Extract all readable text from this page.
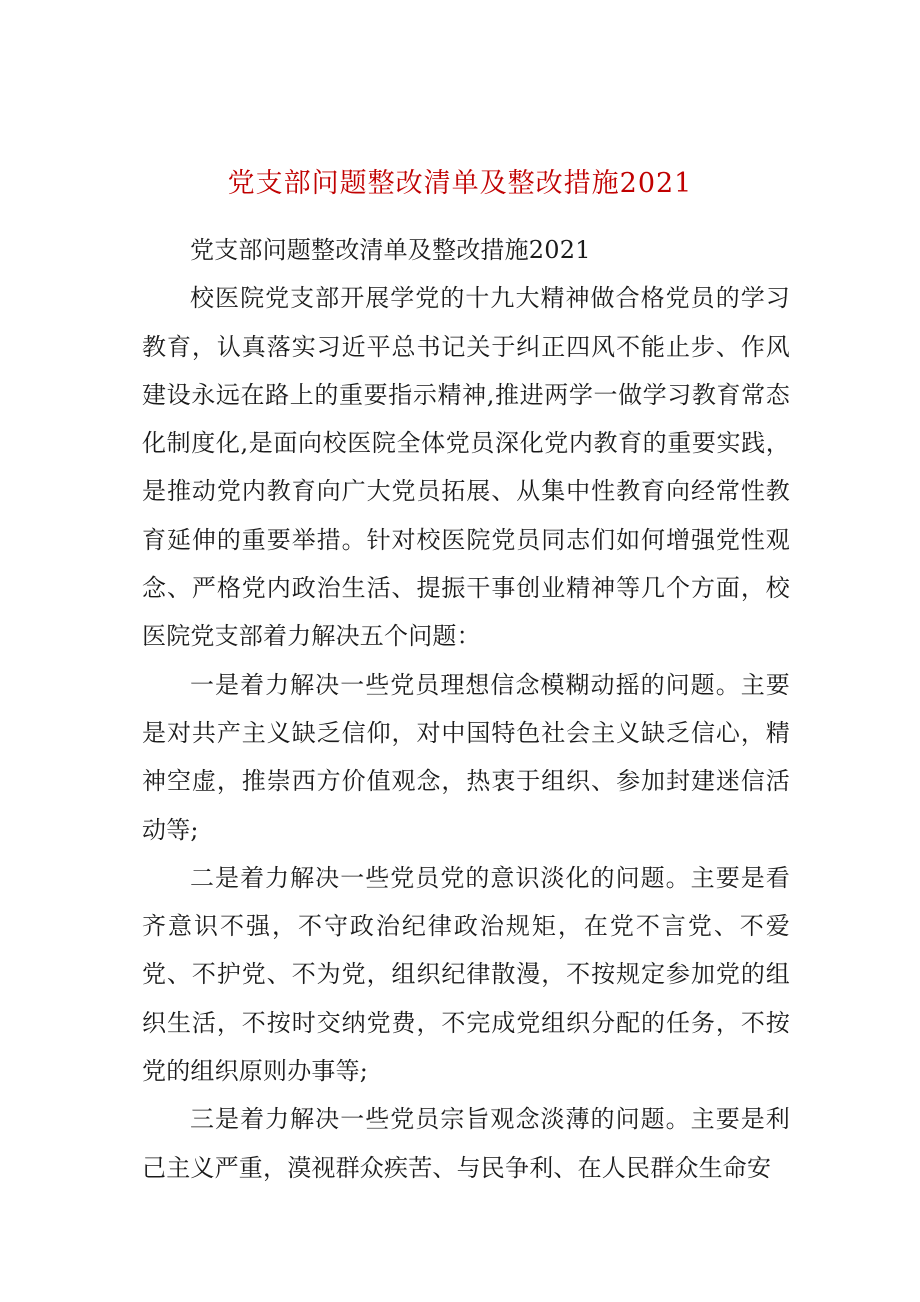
党支部问题整改清单及整改措施2021

党支部问题整改清单及整改措施2021

校医院党支部开展学党的十九大精神做合格党员的学习教育，认真落实习近平总书记关于纠正四风不能止步、作风建设永远在路上的重要指示精神,推进两学一做学习教育常态化制度化,是面向校医院全体党员深化党内教育的重要实践，是推动党内教育向广大党员拓展、从集中性教育向经常性教育延伸的重要举措。针对校医院党员同志们如何增强党性观念、严格党内政治生活、提振干事创业精神等几个方面，校医院党支部着力解决五个问题：

一是着力解决一些党员理想信念模糊动摇的问题。主要是对共产主义缺乏信仰，对中国特色社会主义缺乏信心，精神空虚，推崇西方价值观念，热衷于组织、参加封建迷信活动等;

二是着力解决一些党员党的意识淡化的问题。主要是看齐意识不强，不守政治纪律政治规矩，在党不言党、不爱党、不护党、不为党，组织纪律散漫，不按规定参加党的组织生活，不按时交纳党费，不完成党组织分配的任务，不按党的组织原则办事等;

三是着力解决一些党员宗旨观念淡薄的问题。主要是利己主义严重，漠视群众疾苦、与民争利、在人民群众生命安
